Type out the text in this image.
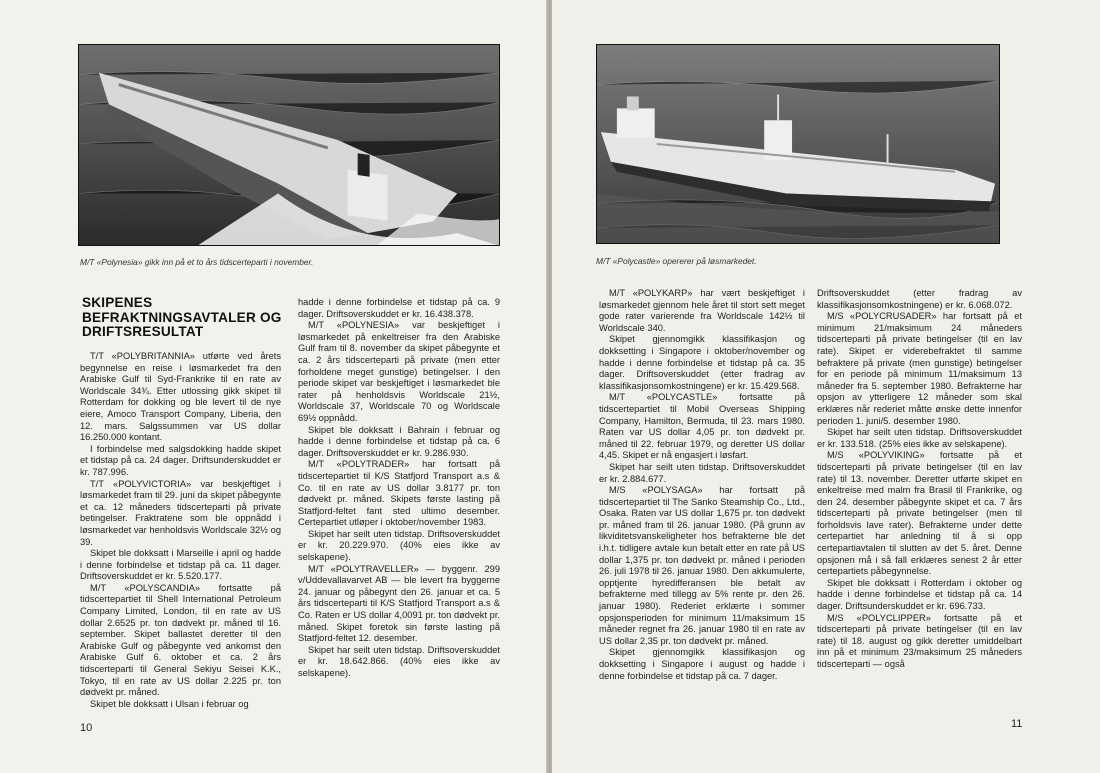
M/T «Polynesia» gikk inn på et to års tidscerteparti i november.
SKIPENES BEFRAKTNINGSAVTALER OG DRIFTSRESULTAT

T/T «POLYBRITANNIA» utførte ved årets begynnelse en reise i løsmarkedet fra den Arabiske Gulf til Syd-Frankrike til en rate av Worldscale 34¾. Etter utlossing gikk skipet til Rotterdam for dokking og ble levert til de nye eiere, Amoco Transport Company, Liberia, den 12. mars. Salgssummen var US dollar 16.250.000 kontant.

I forbindelse med salgsdokking hadde skipet et tidstap på ca. 24 dager. Driftsunderskuddet er kr. 787.996.

T/T «POLYVICTORIA» var beskjeftiget i løsmarkedet fram til 29. juni da skipet påbegynte et ca. 12 måneders tidscerteparti på private betingelser. Fraktratene som ble oppnådd i løsmarkedet var henholdsvis Worldscale 32½ og 39.

Skipet ble dokksatt i Marseille i april og hadde i denne forbindelse et tidstap på ca. 11 dager. Driftsoverskuddet er kr. 5.520.177.

M/T «POLYSCANDIA» fortsatte på tidscertepartiet til Shell International Petroleum Company Limited, London, til en rate av US dollar 2.6525 pr. ton dødvekt pr. måned til 16. september. Skipet ballastet deretter til den Arabiske Gulf og påbegynte ved ankomst den Arabiske Gulf 6. oktober et ca. 2 års tidscerteparti til General Sekiyu Seisei K.K., Tokyo, til en rate av US dollar 2.225 pr. ton dødvekt pr. måned.

Skipet ble dokksatt i Ulsan i februar og

hadde i denne forbindelse et tidstap på ca. 9 dager. Driftsoverskuddet er kr. 16.438.378.

M/T «POLYNESIA» var beskjeftiget i løsmarkedet på enkeltreiser fra den Arabiske Gulf fram til 8. november da skipet påbegynte et ca. 2 års tidscerteparti på private (men etter forholdene meget gunstige) betingelser. I den periode skipet var beskjeftiget i løsmarkedet ble rater på henholdsvis Worldscale 21½, Worldscale 37, Worldscale 70 og Worldscale 69½ oppnådd.

Skipet ble dokksatt i Bahrain i februar og hadde i denne forbindelse et tidstap på ca. 6 dager. Driftsoverskuddet er kr. 9.286.930.

M/T «POLYTRADER» har fortsatt på tidscertepartiet til K/S Statfjord Transport a.s & Co. til en rate av US dollar 3.8177 pr. ton dødvekt pr. måned. Skipets første lasting på Statfjord-feltet fant sted ultimo desember. Certepartiet utløper i oktober/november 1983.

Skipet har seilt uten tidstap. Driftsoverskuddet er kr. 20.229.970. (40% eies ikke av selskapene).

M/T «POLYTRAVELLER» — byggenr. 299 v/Uddevallavarvet AB — ble levert fra byggerne 24. januar og påbegynt den 26. januar et ca. 5 års tidscerteparti til K/S Statfjord Transport a.s & Co. Raten er US dollar 4,0091 pr. ton dødvekt pr. måned. Skipet foretok sin første lasting på Statfjord-feltet 12. desember.

Skipet har seilt uten tidstap. Driftsoverskuddet er kr. 18.642.866. (40% eies ikke av selskapene).

10
M/T «Polycastle» opererer på løsmarkedet.

M/T «POLYKARP» har vært beskjeftiget i løsmarkedet gjennom hele året til stort sett meget gode rater varierende fra Worldscale 142½ til Worldscale 340.

Skipet gjennomgikk klassifikasjon og dokksetting i Singapore i oktober/november og hadde i denne forbindelse et tidstap på ca. 35 dager. Driftsoverskuddet (etter fradrag av klassifikasjonsomkostningene) er kr. 15.429.568.

M/T «POLYCASTLE» fortsatte på tidscertepartiet til Mobil Overseas Shipping Company, Hamilton, Bermuda, til 23. mars 1980. Raten var US dollar 4,05 pr. ton dødvekt pr. måned til 22. februar 1979, og deretter US dollar 4,45. Skipet er nå engasjert i løsfart.

Skipet har seilt uten tidstap. Driftsoverskuddet er kr. 2.884.677.

M/S «POLYSAGA» har fortsatt på tidscertepartiet til The Sanko Steamship Co., Ltd., Osaka. Raten var US dollar 1,675 pr. ton dødvekt pr. måned fram til 26. januar 1980. (På grunn av likviditetsvanskeligheter hos befrakterne ble det i.h.t. tidligere avtale kun betalt etter en rate på US dollar 1,375 pr. ton dødvekt pr. måned i perioden 26. juli 1978 til 26. januar 1980. Den akkumulerte, opptjente hyredifferansen ble betalt av befrakterne med tillegg av 5% rente pr. den 26. januar 1980). Rederiet erklærte i sommer opsjonsperioden for minimum 11/maksimum 15 måneder regnet fra 26. januar 1980 til en rate av US dollar 2,35 pr. ton dødvekt pr. måned.

Skipet gjennomgikk klassifikasjon og dokksetting i Singapore i august og hadde i denne forbindelse et tidstap på ca. 7 dager.

Driftsoverskuddet (etter fradrag av klassifikasjonsomkostningene) er kr. 6.068.072.

M/S «POLYCRUSADER» har fortsatt på et minimum 21/maksimum 24 måneders tidscerteparti på private betingelser (til en lav rate). Skipet er viderebefraktet til samme befraktere på private (men gunstige) betingelser for en periode på minimum 11/maksimum 13 måneder fra 5. september 1980. Befrakterne har opsjon av ytterligere 12 måneder som skal erklæres når rederiet måtte ønske dette innenfor perioden 1. juni/5. desember 1980.

Skipet har seilt uten tidstap. Driftsoverskuddet er kr. 133.518. (25% eies ikke av selskapene).

M/S «POLYVIKING» fortsatte på et tidscerteparti på private betingelser (til en lav rate) til 13. november. Deretter utførte skipet en enkeltreise med malm fra Brasil til Frankrike, og den 24. desember påbegynte skipet et ca. 7 års tidscerteparti på private betingelser (men til forholdsvis lave rater). Befrakterne under dette certepartiet har anledning til å si opp certepartiavtalen til slutten av det 5. året. Denne opsjonen må i så fall erklæres senest 2 år etter certepartiets påbegynnelse.

Skipet ble dokksatt i Rotterdam i oktober og hadde i denne forbindelse et tidstap på ca. 14 dager. Driftsunderskuddet er kr. 696.733.

M/S «POLYCLIPPER» fortsatte på et tidscerteparti på private betingelser (til en lav rate) til 18. august og gikk deretter umiddelbart inn på et minimum 23/maksimum 25 måneders tidscerteparti — også

11
